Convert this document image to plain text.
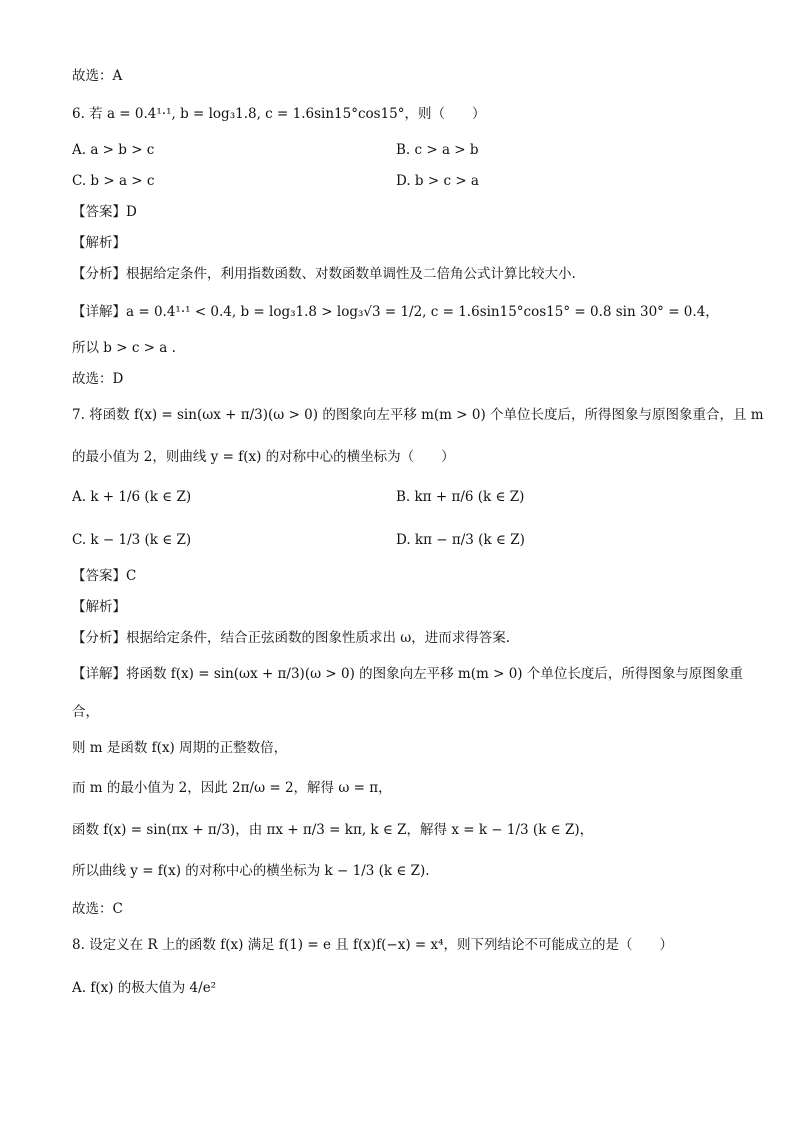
故选：A
6. 若 a = 0.4¹·¹, b = log₃1.8, c = 1.6sin15°cos15°，则（　　）
A. a > b > c	B. c > a > b
C. b > a > c	D. b > c > a
【答案】D
【解析】
【分析】根据给定条件，利用指数函数、对数函数单调性及二倍角公式计算比较大小.
【详解】a = 0.4¹·¹ < 0.4, b = log₃1.8 > log₃√3 = 1/2, c = 1.6sin15°cos15° = 0.8 sin 30° = 0.4，
所以 b > c > a .
故选：D
7. 将函数 f(x) = sin(ωx + π/3)(ω > 0) 的图象向左平移 m(m > 0) 个单位长度后，所得图象与原图象重合，且 m
的最小值为 2，则曲线 y = f(x) 的对称中心的横坐标为（　　）
A. k + 1/6 (k ∈ Z)	B. kπ + π/6 (k ∈ Z)
C. k − 1/3 (k ∈ Z)	D. kπ − π/3 (k ∈ Z)
【答案】C
【解析】
【分析】根据给定条件，结合正弦函数的图象性质求出 ω，进而求得答案.
【详解】将函数 f(x) = sin(ωx + π/3)(ω > 0) 的图象向左平移 m(m > 0) 个单位长度后，所得图象与原图象重
合，
则 m 是函数 f(x) 周期的正整数倍，
而 m 的最小值为 2，因此 2π/ω = 2，解得 ω = π，
函数 f(x) = sin(πx + π/3)，由 πx + π/3 = kπ, k ∈ Z，解得 x = k − 1/3 (k ∈ Z)，
所以曲线 y = f(x) 的对称中心的横坐标为 k − 1/3 (k ∈ Z).
故选：C
8. 设定义在 R 上的函数 f(x) 满足 f(1) = e 且 f(x)f(−x) = x⁴，则下列结论不可能成立的是（　　）
A. f(x) 的极大值为 4/e²
